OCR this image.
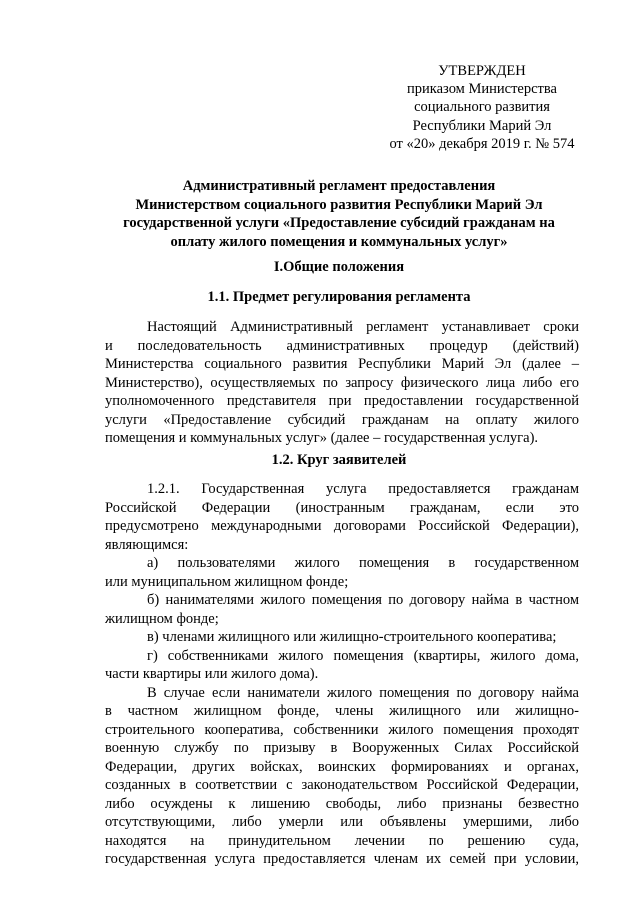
УТВЕРЖДЕН
приказом Министерства
социального развития
Республики Марий Эл
от «20» декабря 2019 г. № 574
Административный регламент предоставления
Министерством социального развития Республики Марий Эл
государственной услуги «Предоставление субсидий гражданам на
оплату жилого помещения и коммунальных услуг»
I.Общие положения
1.1. Предмет регулирования регламента
Настоящий Административный регламент устанавливает сроки
и последовательность административных процедур (действий)
Министерства социального развития Республики Марий Эл (далее –
Министерство), осуществляемых по запросу физического лица либо его
уполномоченного представителя при предоставлении государственной
услуги «Предоставление субсидий гражданам на оплату жилого
помещения и коммунальных услуг» (далее – государственная услуга).
1.2. Круг заявителей
1.2.1. Государственная услуга предоставляется гражданам
Российской Федерации (иностранным гражданам, если это
предусмотрено международными договорами Российской Федерации),
являющимся:
а) пользователями жилого помещения в государственном
или муниципальном жилищном фонде;
б) нанимателями жилого помещения по договору найма в частном
жилищном фонде;
в) членами жилищного или жилищно-строительного кооператива;
г) собственниками жилого помещения (квартиры, жилого дома,
части квартиры или жилого дома).
В случае если наниматели жилого помещения по договору найма
в частном жилищном фонде, члены жилищного или жилищно-
строительного кооператива, собственники жилого помещения проходят
военную службу по призыву в Вооруженных Силах Российской
Федерации, других войсках, воинских формированиях и органах,
созданных в соответствии с законодательством Российской Федерации,
либо осуждены к лишению свободы, либо признаны безвестно
отсутствующими, либо умерли или объявлены умершими, либо
находятся на принудительном лечении по решению суда,
государственная услуга предоставляется членам их семей при условии,
